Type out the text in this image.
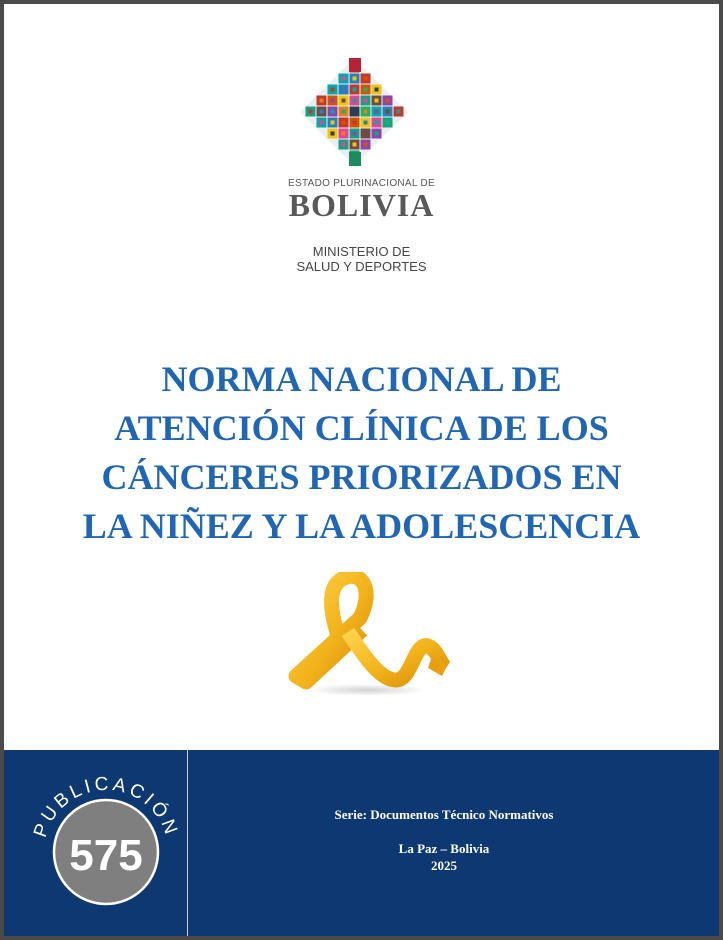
ESTADO PLURINACIONAL DE
BOLIVIA
MINISTERIO DE
SALUD Y DEPORTES
NORMA NACIONAL DE
ATENCIÓN CLÍNICA DE LOS
CÁNCERES PRIORIZADOS EN
LA NIÑEZ Y LA ADOLESCENCIA
PUBLICACIÓN
575
Serie: Documentos Técnico Normativos
La Paz – Bolivia
2025
